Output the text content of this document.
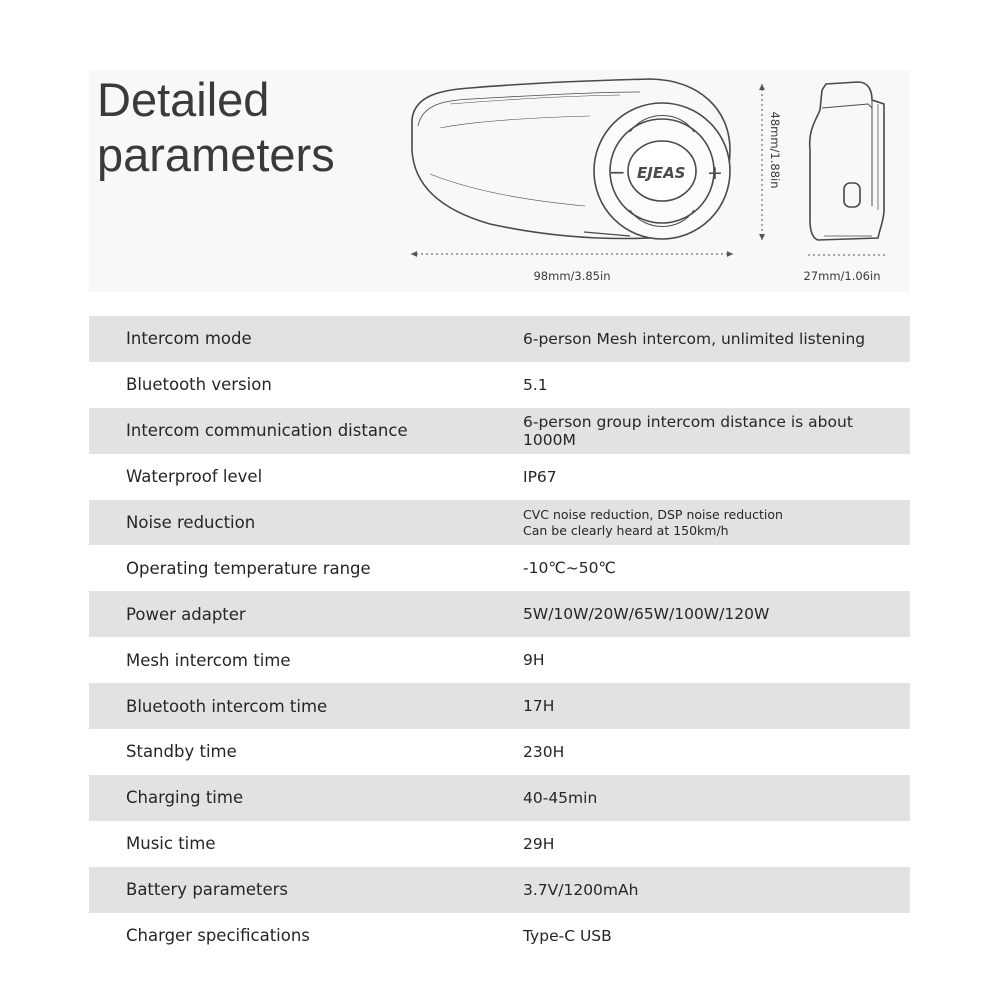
Detailed
parameters	−	+
EJEAS
98mm/3.85in
48mm/1.88in
27mm/1.06in
Intercom mode	6-person Mesh intercom, unlimited listening
Bluetooth version	5.1
Intercom communication distance	6-person group intercom distance is about 1000M
Waterproof level	IP67
Noise reduction	CVC noise reduction, DSP noise reduction
Can be clearly heard at 150km/h

Operating temperature range	-10℃~50℃
Power adapter	5W/10W/20W/65W/100W/120W
Mesh intercom time	9H
Bluetooth intercom time	17H
Standby time	230H
Charging time	40-45min
Music time	29H
Battery parameters	3.7V/1200mAh
Charger specifications	Type-C USB
